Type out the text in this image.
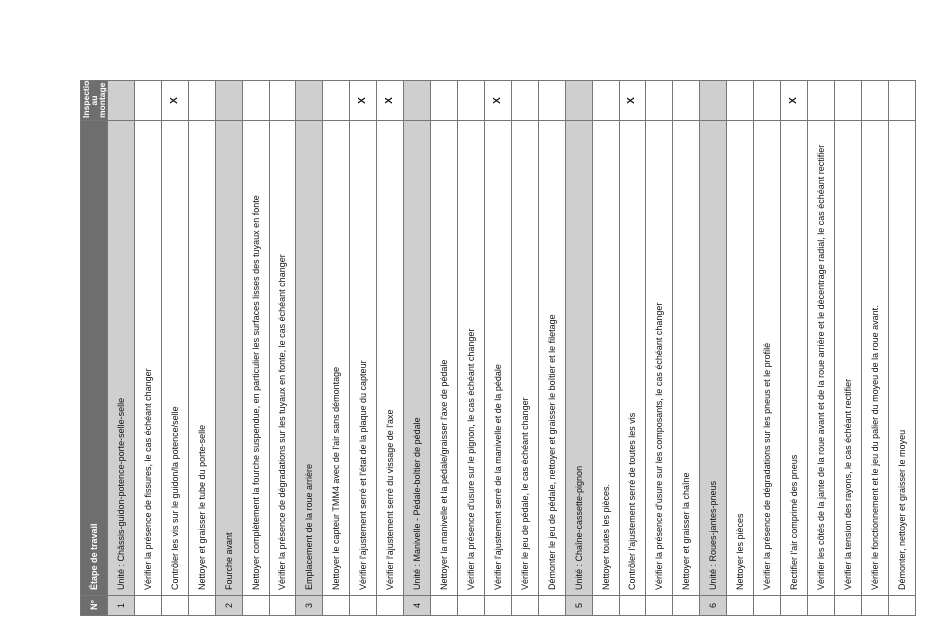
N°	Étape de travail	Inspection au montage
1	Unité : Châssis-guidon-potence-porte-selle-selle	
	Vérifier la présence de fissures, le cas échéant changer	
	Contrôler les vis sur le guidon/la potence/selle	X
	Nettoyer et graisser le tube du porte-selle	
2	Fourche avant	
	Nettoyer complètement la fourche suspendue, en particulier les surfaces lisses des tuyaux en fonte	
	Vérifier la présence de dégradations sur les tuyaux en fonte, le cas échéant changer	
3	Emplacement de la roue arrière	
	Nettoyer le capteur TMM4 avec de l'air sans démontage	
	Vérifier l'ajustement serré et l'état de la plaque du capteur	X
	Vérifier l'ajustement serré du vissage de l'axe	X
4	Unité : Manivelle - Pédale-boîtier de pédale	
	Nettoyer la manivelle et la pédale/graisser l'axe de pédale	
	Vérifier la présence d'usure sur le pignon, le cas échéant changer	
	Vérifier l'ajustement serré de la manivelle et de la pédale	X
	Vérifier le jeu de pédale, le cas échéant changer	
	Démonter le jeu de pédale, nettoyer et graisser le boîtier et le filetage	
5	Unité : Chaîne-cassette-pignon	
	Nettoyer toutes les pièces.	
	Contrôler l'ajustement serré de toutes les vis	X
	Vérifier la présence d'usure sur les composants, le cas échéant changer	
	Nettoyer et graisser la chaîne	
6	Unité : Roues-jantes-pneus	
	Nettoyer les pièces	
	Vérifier la présence de dégradations sur les pneus et le profilé	
	Rectifier l'air comprimé des pneus	X
	Vérifier les côtés de la jante de la roue avant et de la roue arrière et le décentrage radial, le cas échéant rectifier	
	Vérifier la tension des rayons, le cas échéant rectifier	
	Vérifier le fonctionnement et le jeu du palier du moyeu de la roue avant.	
	Démonter, nettoyer et graisser le moyeu	
